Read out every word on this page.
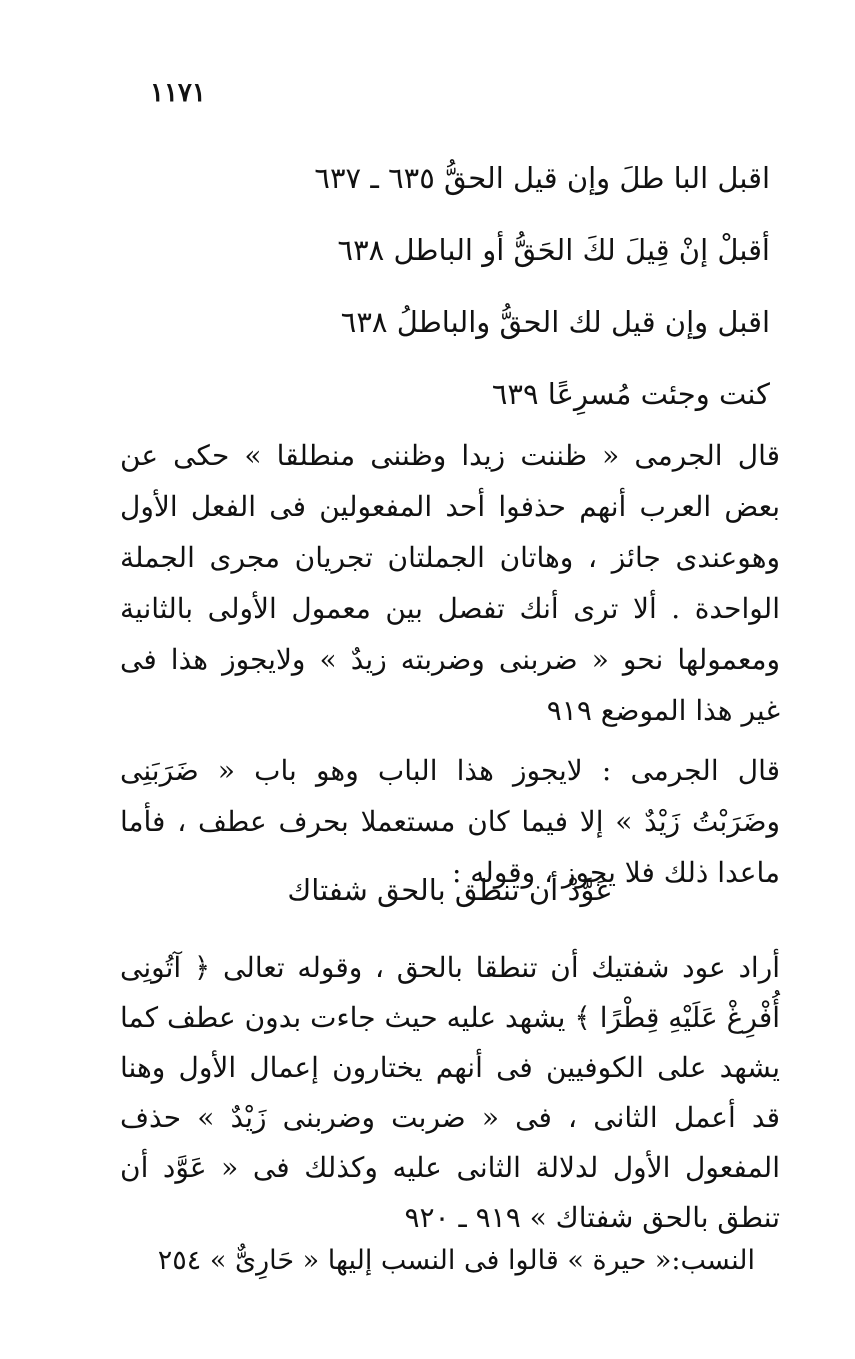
١١٧١
اقبل البا طلَ وإن قيل الحقُّ ٦٣٥ ـ ٦٣٧
أقبلْ إنْ قِيلَ لكَ الحَقُّ أو الباطل ٦٣٨
اقبل وإن قيل لك الحقُّ والباطلُ ٦٣٨
كنت وجئت مُسرِعًا ٦٣٩
قال الجرمى « ظننت زيدا وظننى منطلقا » حكى عن بعض العرب أنهم حذفوا أحد المفعولين فى الفعل الأول وهوعندى جائز ، وهاتان الجملتان تجريان مجرى الجملة الواحدة . ألا ترى أنك تفصل بين معمول الأولى بالثانية ومعمولها نحو « ضربنى وضربته زيدٌ » ولايجوز هذا فى غير هذا الموضع ٩١٩
قال الجرمى : لايجوز هذا الباب وهو باب « ضَرَبَنِى وضَرَبْتُ زَيْدٌ » إلا فيما كان مستعملا بحرف عطف ، فأما ماعدا ذلك فلا يجوز ، وقوله :
عَوَّدْ أن تنطق بالحق شفتاك
أراد عود شفتيك أن تنطقا بالحق ، وقوله تعالى ﴿ آتُونِى أُفْرِغْ عَلَيْهِ قِطْرًا ﴾ يشهد عليه حيث جاءت بدون عطف كما يشهد على الكوفيين فى أنهم يختارون إعمال الأول وهنا قد أعمل الثانى ، فى « ضربت وضربنى زَيْدٌ » حذف المفعول الأول لدلالة الثانى عليه وكذلك فى « عَوَّد أن تنطق بالحق شفتاك » ٩١٩ ـ ٩٢٠
النسب:« حيرة » قالوا فى النسب إليها « حَارِىٌّ » ٢٥٤
